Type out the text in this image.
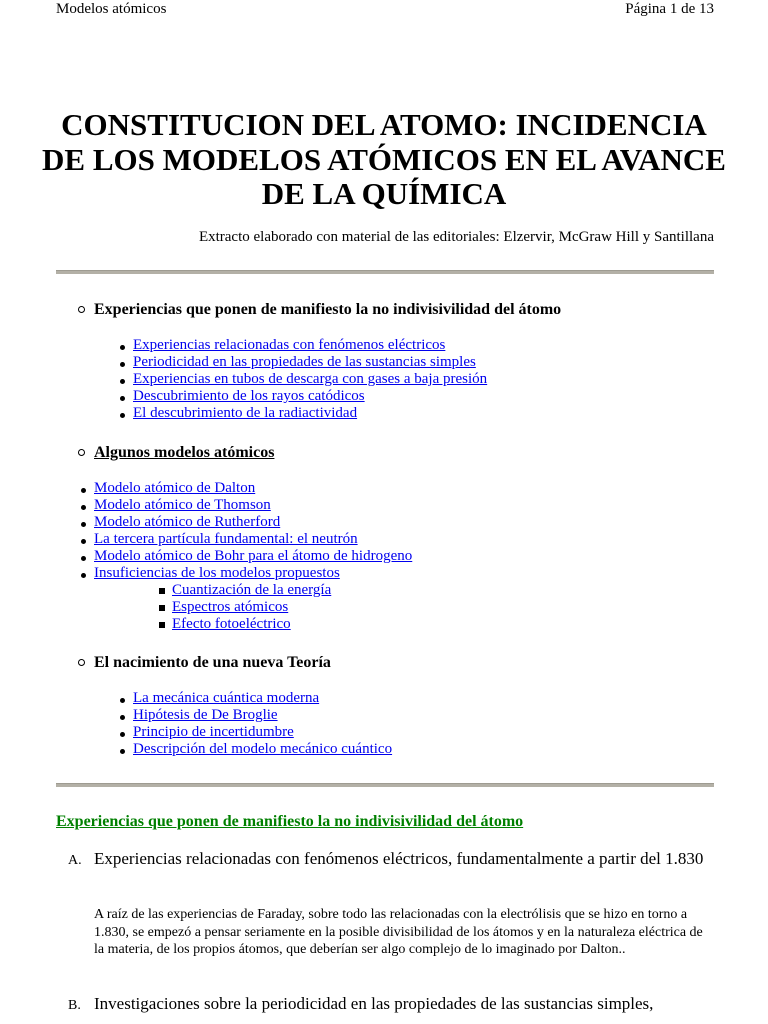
Modelos atómicos	Página 1 de 13
CONSTITUCION DEL ATOMO: INCIDENCIA DE LOS MODELOS ATÓMICOS EN EL AVANCE DE LA QUÍMICA
Extracto elaborado con material de las editoriales: Elzervir, McGraw Hill y Santillana
Experiencias que ponen de manifiesto la no indivisivilidad del átomo
Experiencias relacionadas con fenómenos eléctricos
Periodicidad en las propiedades de las sustancias simples
Experiencias en tubos de descarga con gases a baja presión
Descubrimiento de los rayos catódicos
El descubrimiento de la radiactividad
Algunos modelos atómicos
Modelo atómico de Dalton
Modelo atómico de Thomson
Modelo atómico de Rutherford
La tercera partícula fundamental: el neutrón
Modelo atómico de Bohr para el átomo de hidrogeno
Insuficiencias de los modelos propuestos
Cuantización de la energía
Espectros atómicos
Efecto fotoeléctrico
El nacimiento de una nueva Teoría
La mecánica cuántica moderna
Hipótesis de De Broglie
Principio de incertidumbre
Descripción del modelo mecánico cuántico
Experiencias que ponen de manifiesto la no indivisivilidad del átomo
A. Experiencias relacionadas con fenómenos eléctricos, fundamentalmente a partir del 1.830

A raíz de las experiencias de Faraday, sobre todo las relacionadas con la electrólisis que se hizo en torno a 1.830, se empezó a pensar seriamente en la posible divisibilidad de los átomos y en la naturaleza eléctrica de la materia, de los propios átomos, que deberían ser algo complejo de lo imaginado por Dalton..

B. Investigaciones sobre la periodicidad en las propiedades de las sustancias simples,
